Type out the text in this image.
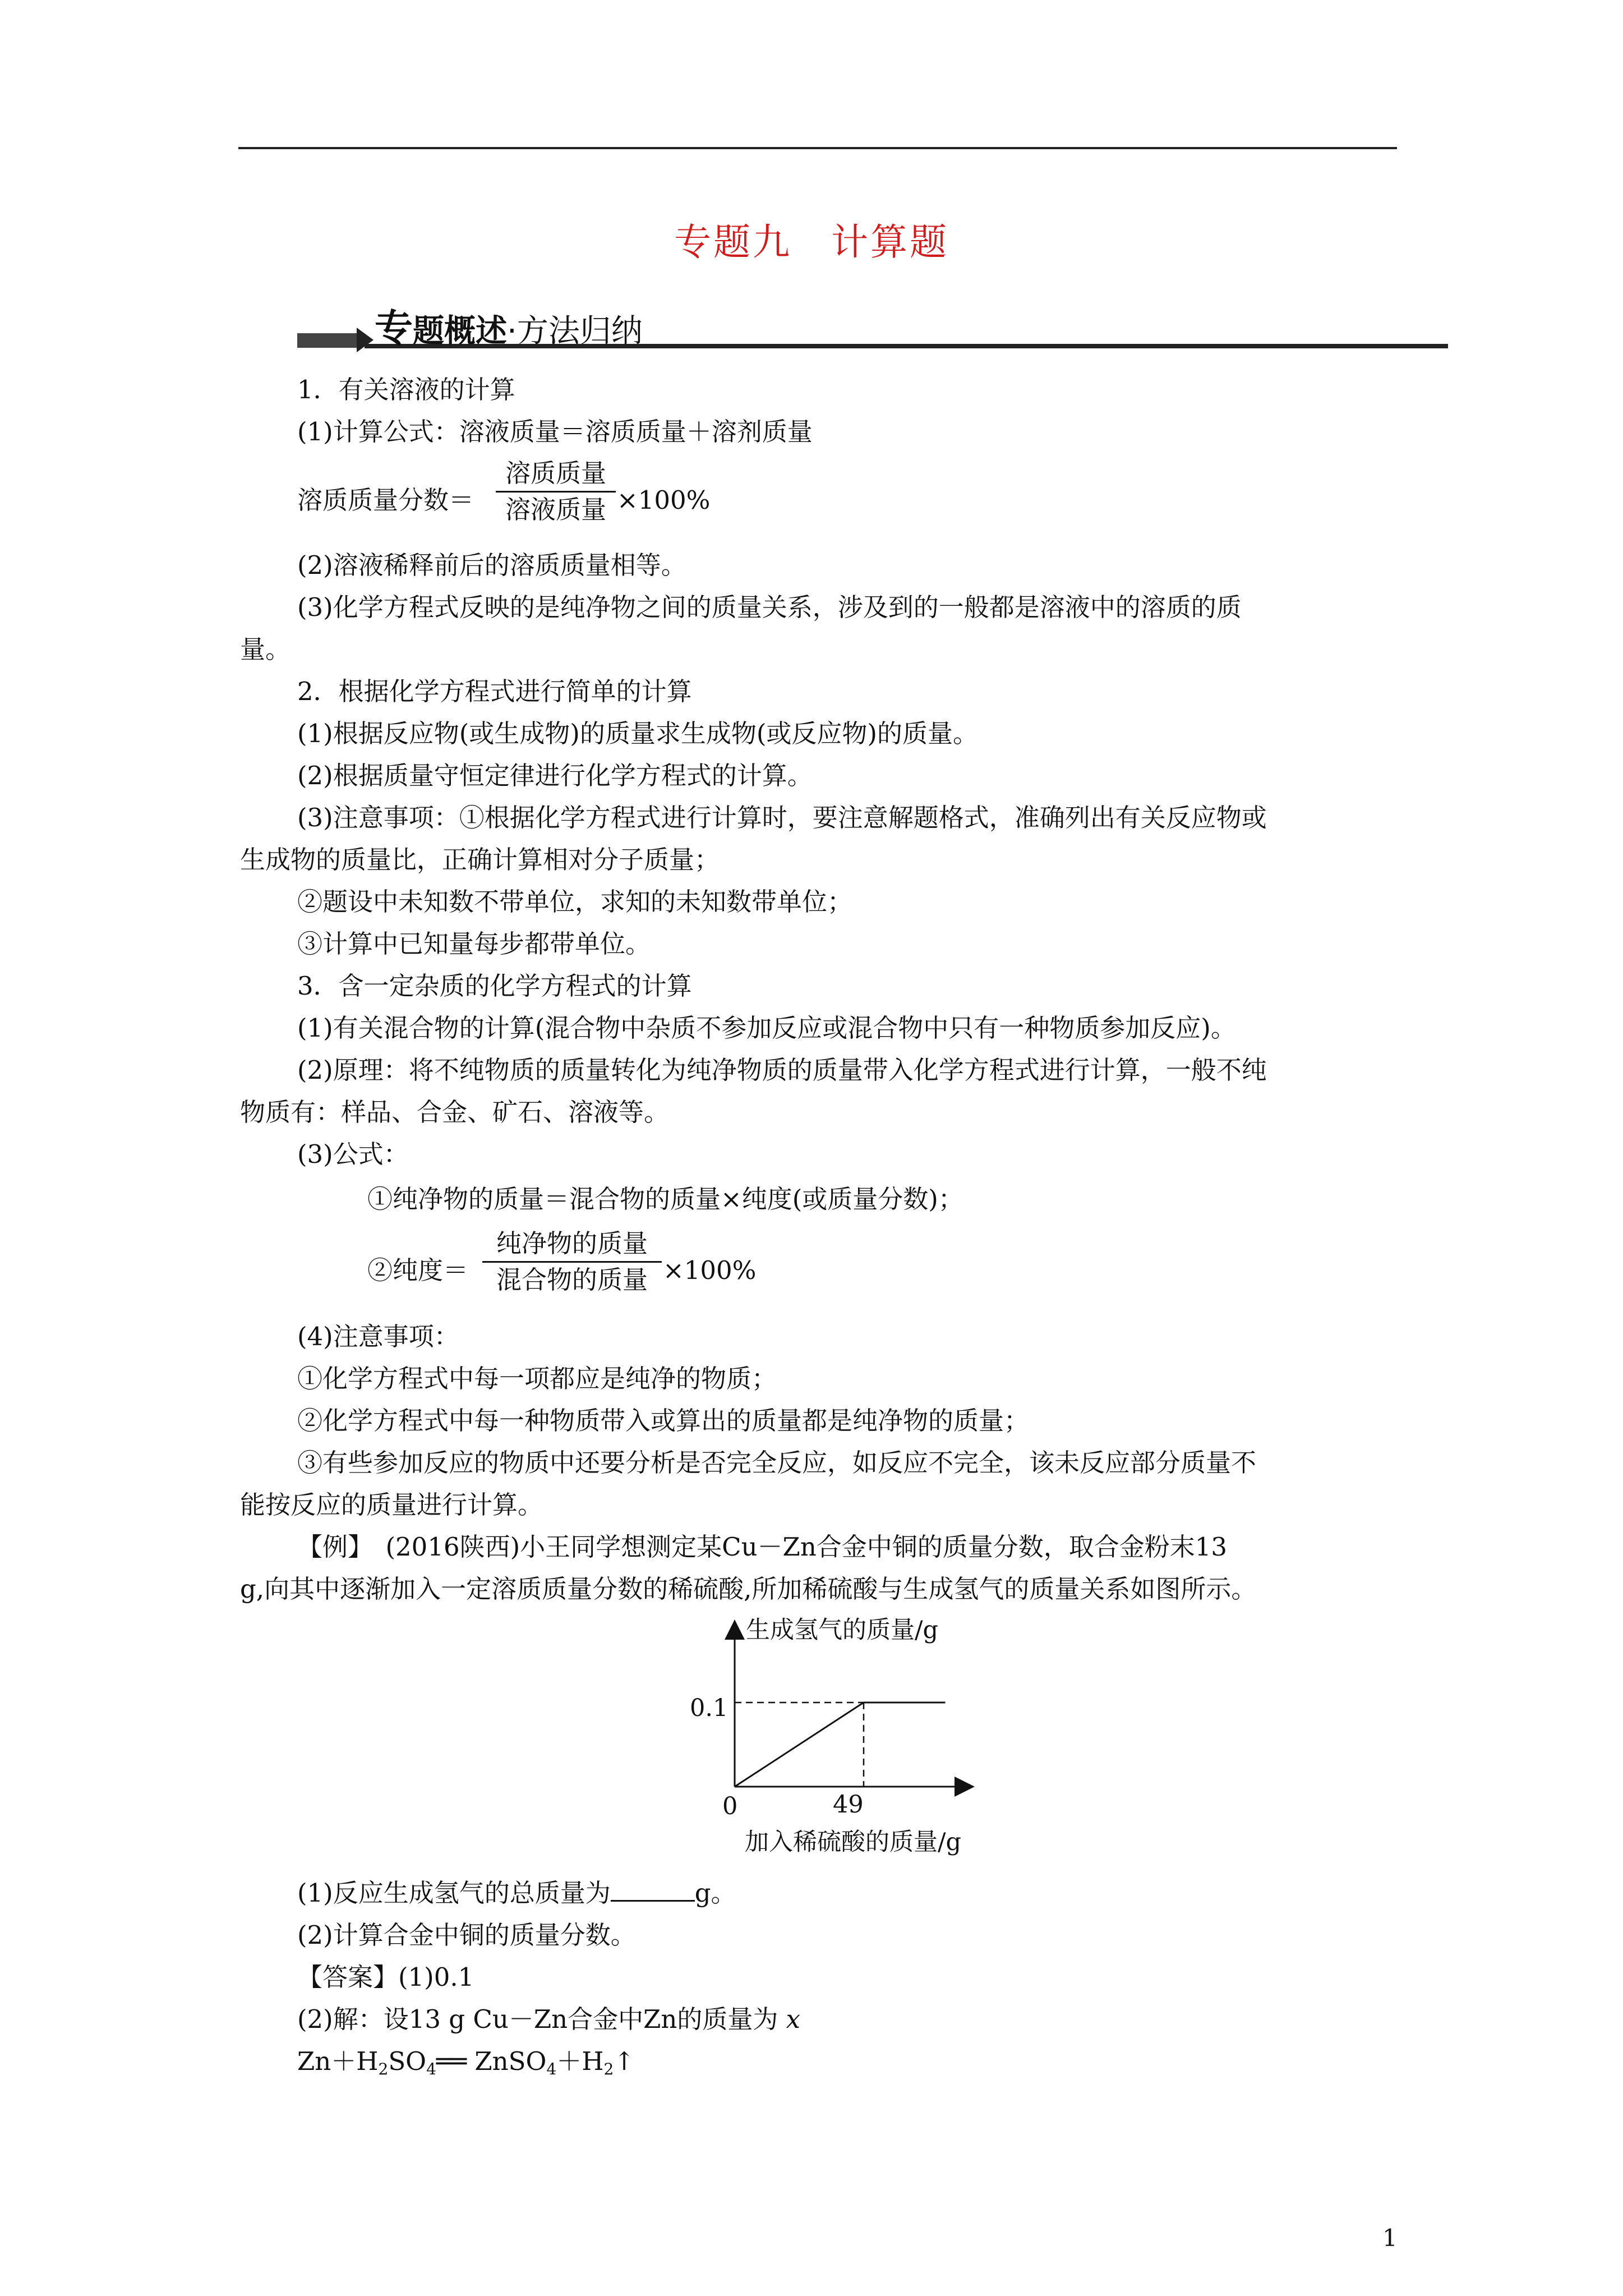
专题九 计算题
专题概述·方法归纳
1．有关溶液的计算
(1)计算公式：溶液质量＝溶质质量＋溶剂质量
溶质质量分数＝
溶质质量
溶液质量 ×100%
(2)溶液稀释前后的溶质质量相等。
(3)化学方程式反映的是纯净物之间的质量关系，涉及到的一般都是溶液中的溶质的质
量。
2．根据化学方程式进行简单的计算
(1)根据反应物(或生成物)的质量求生成物(或反应物)的质量。
(2)根据质量守恒定律进行化学方程式的计算。
(3)注意事项：①根据化学方程式进行计算时，要注意解题格式，准确列出有关反应物或
生成物的质量比，正确计算相对分子质量；
②题设中未知数不带单位，求知的未知数带单位；
③计算中已知量每步都带单位。
3．含一定杂质的化学方程式的计算
(1)有关混合物的计算(混合物中杂质不参加反应或混合物中只有一种物质参加反应)。
(2)原理：将不纯物质的质量转化为纯净物质的质量带入化学方程式进行计算，一般不纯
物质有：样品、合金、矿石、溶液等。
(3)公式：
①纯净物的质量＝混合物的质量×纯度(或质量分数)；
②纯度＝
纯净物的质量
混合物的质量 ×100%
(4)注意事项：
①化学方程式中每一项都应是纯净的物质；
②化学方程式中每一种物质带入或算出的质量都是纯净物的质量；
③有些参加反应的物质中还要分析是否完全反应，如反应不完全，该未反应部分质量不
能按反应的质量进行计算。
【例】　(2016陕西)小王同学想测定某Cu－Zn合金中铜的质量分数，取合金粉末13
g,向其中逐渐加入一定溶质质量分数的稀硫酸,所加稀硫酸与生成氢气的质量关系如图所示。
生成氢气的质量/g
0.1
0	49
加入稀硫酸的质量/g
(1)反应生成氢气的总质量为	g。
(2)计算合金中铜的质量分数。
【答案】(1)0.1
(2)解：设13 g Cu－Zn合金中Zn的质量为 x
$Zn+H_2SO_4══$ $ZnSO_4+H_2↑$
1
